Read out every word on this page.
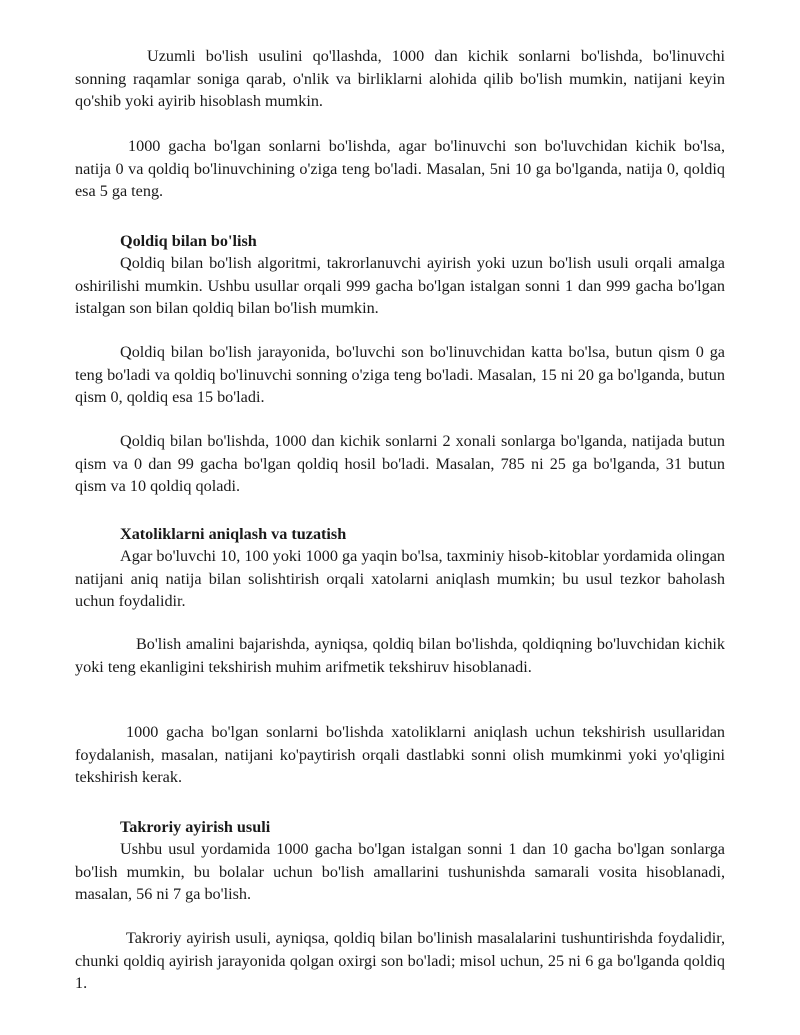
Uzumli bo'lish usulini qo'llashda, 1000 dan kichik sonlarni bo'lishda, bo'linuvchi sonning raqamlar soniga qarab, o'nlik va birliklarni alohida qilib bo'lish mumkin, natijani keyin qo'shib yoki ayirib hisoblash mumkin.

1000 gacha bo'lgan sonlarni bo'lishda, agar bo'linuvchi son bo'luvchidan kichik bo'lsa, natija 0 va qoldiq bo'linuvchining o'ziga teng bo'ladi. Masalan, 5ni 10 ga bo'lganda, natija 0, qoldiq esa 5 ga teng.

Qoldiq bilan bo'lish

Qoldiq bilan bo'lish algoritmi, takrorlanuvchi ayirish yoki uzun bo'lish usuli orqali amalga oshirilishi mumkin. Ushbu usullar orqali 999 gacha bo'lgan istalgan sonni 1 dan 999 gacha bo'lgan istalgan son bilan qoldiq bilan bo'lish mumkin.

Qoldiq bilan bo'lish jarayonida, bo'luvchi son bo'linuvchidan katta bo'lsa, butun qism 0 ga teng bo'ladi va qoldiq bo'linuvchi sonning o'ziga teng bo'ladi. Masalan, 15 ni 20 ga bo'lganda, butun qism 0, qoldiq esa 15 bo'ladi.

Qoldiq bilan bo'lishda, 1000 dan kichik sonlarni 2 xonali sonlarga bo'lganda, natijada butun qism va 0 dan 99 gacha bo'lgan qoldiq hosil bo'ladi. Masalan, 785 ni 25 ga bo'lganda, 31 butun qism va 10 qoldiq qoladi.

Xatoliklarni aniqlash va tuzatish

Agar bo'luvchi 10, 100 yoki 1000 ga yaqin bo'lsa, taxminiy hisob-kitoblar yordamida olingan natijani aniq natija bilan solishtirish orqali xatolarni aniqlash mumkin; bu usul tezkor baholash uchun foydalidir.

Bo'lish amalini bajarishda, ayniqsa, qoldiq bilan bo'lishda, qoldiqning bo'luvchidan kichik yoki teng ekanligini tekshirish muhim arifmetik tekshiruv hisoblanadi.

1000 gacha bo'lgan sonlarni bo'lishda xatoliklarni aniqlash uchun tekshirish usullaridan foydalanish, masalan, natijani ko'paytirish orqali dastlabki sonni olish mumkinmi yoki yo'qligini tekshirish kerak.

Takroriy ayirish usuli

Ushbu usul yordamida 1000 gacha bo'lgan istalgan sonni 1 dan 10 gacha bo'lgan sonlarga bo'lish mumkin, bu bolalar uchun bo'lish amallarini tushunishda samarali vosita hisoblanadi, masalan, 56 ni 7 ga bo'lish.

Takroriy ayirish usuli, ayniqsa, qoldiq bilan bo'linish masalalarini tushuntirishda foydalidir, chunki qoldiq ayirish jarayonida qolgan oxirgi son bo'ladi; misol uchun, 25 ni 6 ga bo'lganda qoldiq 1.
